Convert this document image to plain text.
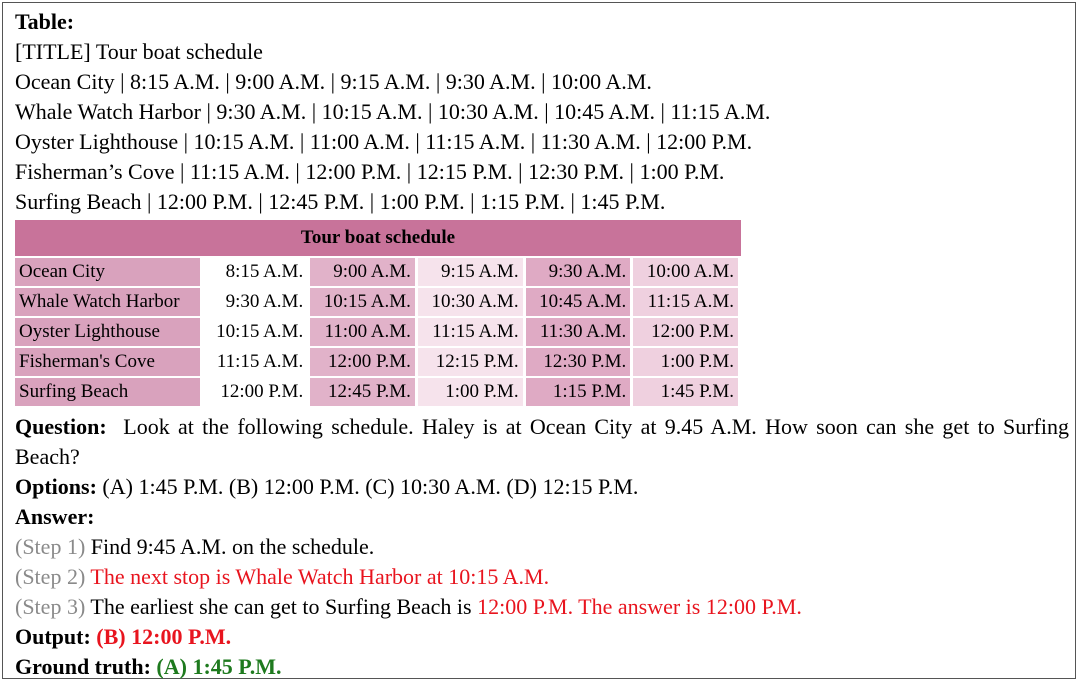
Table:
[TITLE] Tour boat schedule
Ocean City | 8:15 A.M. | 9:00 A.M. | 9:15 A.M. | 9:30 A.M. | 10:00 A.M.
Whale Watch Harbor | 9:30 A.M. | 10:15 A.M. | 10:30 A.M. | 10:45 A.M. | 11:15 A.M.
Oyster Lighthouse | 10:15 A.M. | 11:00 A.M. | 11:15 A.M. | 11:30 A.M. | 12:00 P.M.
Fisherman’s Cove | 11:15 A.M. | 12:00 P.M. | 12:15 P.M. | 12:30 P.M. | 1:00 P.M.
Surfing Beach | 12:00 P.M. | 12:45 P.M. | 1:00 P.M. | 1:15 P.M. | 1:45 P.M.
Tour boat schedule					
Ocean City	8:15 A.M.	9:00 A.M.	9:15 A.M.	9:30 A.M.	10:00 A.M.
Whale Watch Harbor	9:30 A.M.	10:15 A.M.	10:30 A.M.	10:45 A.M.	11:15 A.M.
Oyster Lighthouse	10:15 A.M.	11:00 A.M.	11:15 A.M.	11:30 A.M.	12:00 P.M.
Fisherman's Cove	11:15 A.M.	12:00 P.M.	12:15 P.M.	12:30 P.M.	1:00 P.M.
Surfing Beach	12:00 P.M.	12:45 P.M.	1:00 P.M.	1:15 P.M.	1:45 P.M.
Question: Look at the following schedule. Haley is at Ocean City at 9.45 A.M. How soon can she get to Surfing Beach?
Options: (A) 1:45 P.M. (B) 12:00 P.M. (C) 10:30 A.M. (D) 12:15 P.M.
Answer:
(Step 1) Find 9:45 A.M. on the schedule.
(Step 2) The next stop is Whale Watch Harbor at 10:15 A.M.
(Step 3) The earliest she can get to Surfing Beach is 12:00 P.M. The answer is 12:00 P.M.
Output: (B) 12:00 P.M.
Ground truth: (A) 1:45 P.M.
